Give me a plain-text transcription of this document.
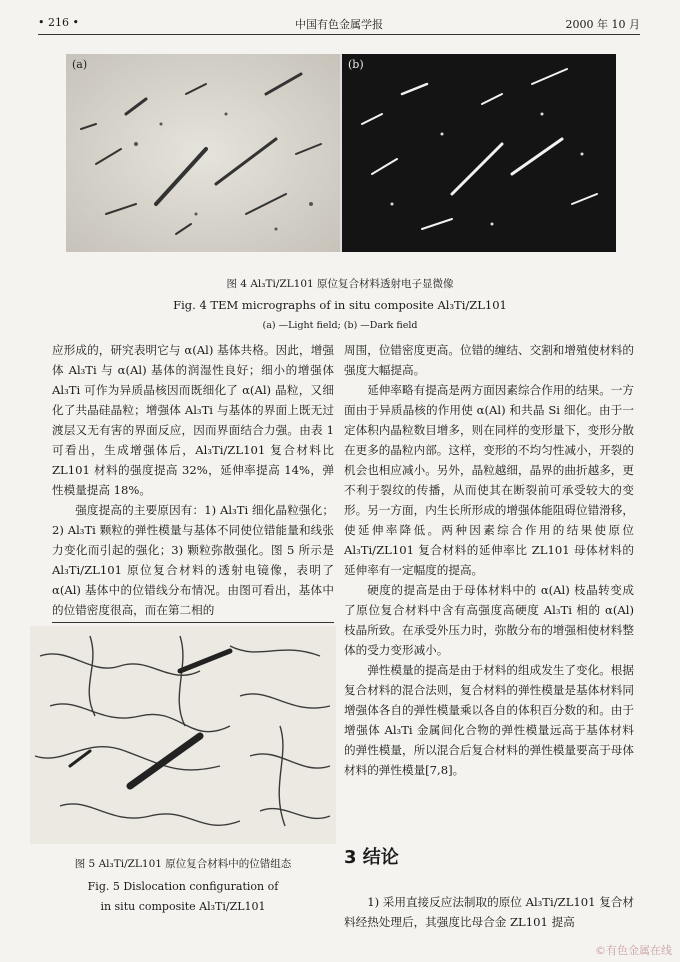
• 216 •	中国有色金属学报	2000 年 10 月
(a)	(b)
图 4 Al₃Ti/ZL101 原位复合材料透射电子显微像
Fig. 4 TEM micrographs of in situ composite Al₃Ti/ZL101
(a) —Light field; (b) —Dark field

应形成的，研究表明它与 α(Al) 基体共格。因此，增强体 Al₃Ti 与 α(Al) 基体的润湿性良好；细小的增强体 Al₃Ti 可作为异质晶核因而既细化了 α(Al) 晶粒，又细化了共晶硅晶粒；增强体 Al₃Ti 与基体的界面上既无过渡层又无有害的界面反应，因而界面结合力强。由表 1 可看出，生成增强体后，Al₃Ti/ZL101 复合材料比 ZL101 材料的强度提高 32%，延伸率提高 14%，弹性模量提高 18%。

强度提高的主要原因有：1) Al₃Ti 细化晶粒强化；2) Al₃Ti 颗粒的弹性模量与基体不同使位错能量和线张力变化而引起的强化；3) 颗粒弥散强化。图 5 所示是 Al₃Ti/ZL101 原位复合材料的透射电镜像，表明了 α(Al) 基体中的位错线分布情况。由图可看出，基体中的位错密度很高，而在第二相的

图 5 Al₃Ti/ZL101 原位复合材料中的位错组态
Fig. 5 Dislocation configuration of
in situ composite Al₃Ti/ZL101

周围，位错密度更高。位错的缠结、交割和增殖使材料的强度大幅提高。

延伸率略有提高是两方面因素综合作用的结果。一方面由于异质晶核的作用使 α(Al) 和共晶 Si 细化。由于一定体积内晶粒数目增多，则在同样的变形量下，变形分散在更多的晶粒内部。这样，变形的不均匀性减小，开裂的机会也相应减小。另外，晶粒越细，晶界的曲折越多，更不利于裂纹的传播，从而使其在断裂前可承受较大的变形。另一方面，内生长所形成的增强体能阻碍位错滑移，使延伸率降低。两种因素综合作用的结果使原位 Al₃Ti/ZL101 复合材料的延伸率比 ZL101 母体材料的延伸率有一定幅度的提高。

硬度的提高是由于母体材料中的 α(Al) 枝晶转变成了原位复合材料中含有高强度高硬度 Al₃Ti 相的 α(Al) 枝晶所致。在承受外压力时，弥散分布的增强相使材料整体的受力变形减小。

弹性模量的提高是由于材料的组成发生了变化。根据复合材料的混合法则，复合材料的弹性模量是基体材料同增强体各自的弹性模量乘以各自的体积百分数的和。由于增强体 Al₃Ti 金属间化合物的弹性模量远高于基体材料的弹性模量，所以混合后复合材料的弹性模量要高于母体材料的弹性模量[7,8]。

3 结论

1) 采用直接反应法制取的原位 Al₃Ti/ZL101 复合材料经热处理后，其强度比母合金 ZL101 提高

©有色金属在线
